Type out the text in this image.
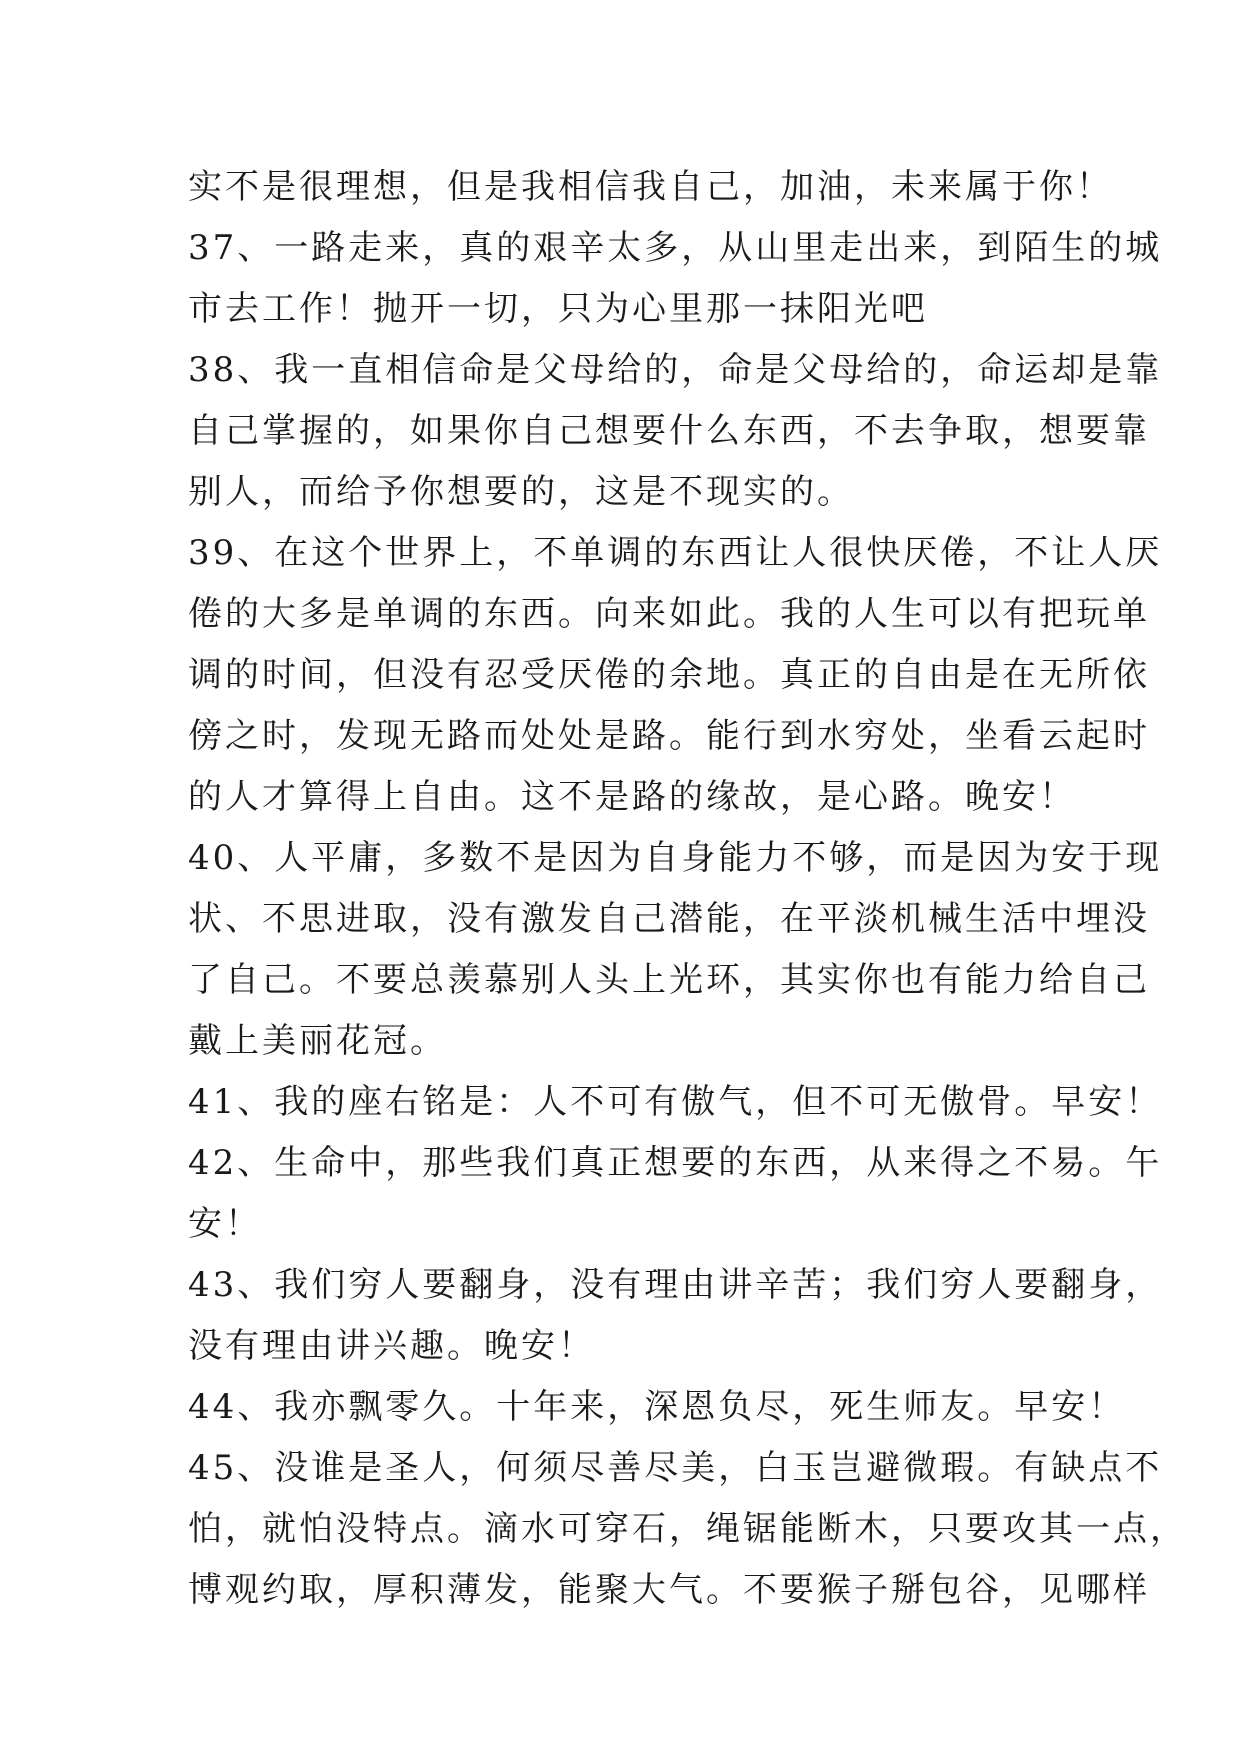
实不是很理想，但是我相信我自己，加油，未来属于你！
37、一路走来，真的艰辛太多，从山里走出来，到陌生的城
市去工作！抛开一切，只为心里那一抹阳光吧
38、我一直相信命是父母给的，命是父母给的，命运却是靠
自己掌握的，如果你自己想要什么东西，不去争取，想要靠
别人，而给予你想要的，这是不现实的。
39、在这个世界上，不单调的东西让人很快厌倦，不让人厌
倦的大多是单调的东西。向来如此。我的人生可以有把玩单
调的时间，但没有忍受厌倦的余地。真正的自由是在无所依
傍之时，发现无路而处处是路。能行到水穷处，坐看云起时
的人才算得上自由。这不是路的缘故，是心路。晚安！
40、人平庸，多数不是因为自身能力不够，而是因为安于现
状、不思进取，没有激发自己潜能，在平淡机械生活中埋没
了自己。不要总羡慕别人头上光环，其实你也有能力给自己
戴上美丽花冠。
41、我的座右铭是：人不可有傲气，但不可无傲骨。早安！
42、生命中，那些我们真正想要的东西，从来得之不易。午
安！
43、我们穷人要翻身，没有理由讲辛苦；我们穷人要翻身，
没有理由讲兴趣。晚安！
44、我亦飘零久。十年来，深恩负尽，死生师友。早安！
45、没谁是圣人，何须尽善尽美，白玉岂避微瑕。有缺点不
怕，就怕没特点。滴水可穿石，绳锯能断木，只要攻其一点，
博观约取，厚积薄发，能聚大气。不要猴子掰包谷，见哪样
